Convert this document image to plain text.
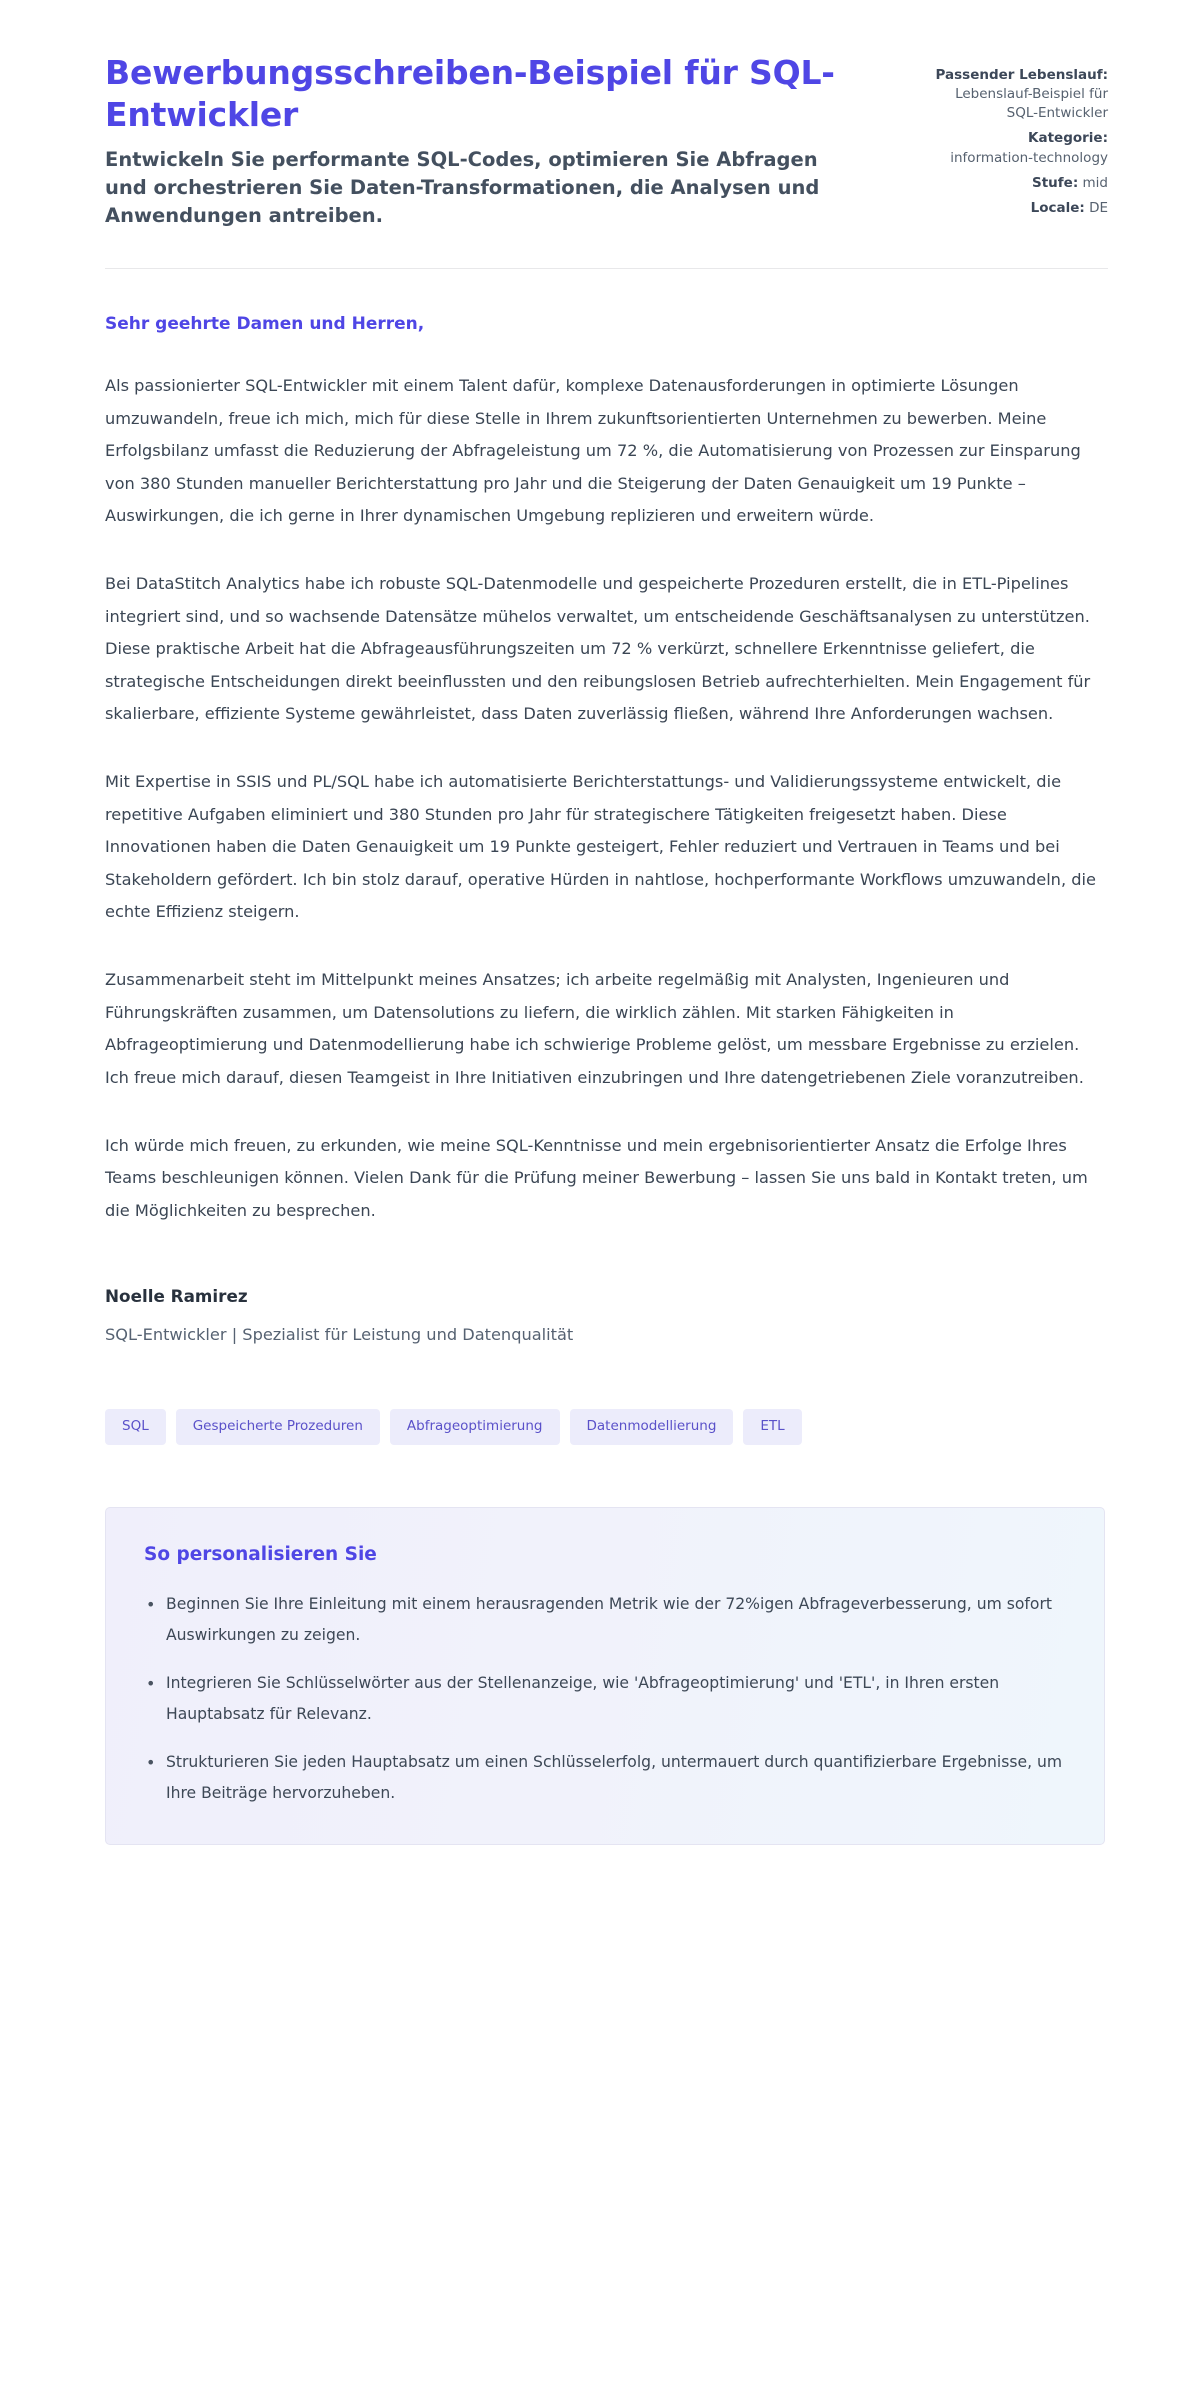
Bewerbungsschreiben-Beispiel für SQL-Entwickler

Entwickeln Sie performante SQL-Codes, optimieren Sie Abfragen und orchestrieren Sie Daten-Transformationen, die Analysen und Anwendungen antreiben.

Passender Lebenslauf:
Lebenslauf-Beispiel für SQL-Entwickler
Kategorie:
information-technology
Stufe: mid
Locale: DE

Sehr geehrte Damen und Herren,

Als passionierter SQL-Entwickler mit einem Talent dafür, komplexe Datenausforderungen in optimierte Lösungen umzuwandeln, freue ich mich, mich für diese Stelle in Ihrem zukunftsorientierten Unternehmen zu bewerben. Meine Erfolgsbilanz umfasst die Reduzierung der Abfrageleistung um 72 %, die Automatisierung von Prozessen zur Einsparung von 380 Stunden manueller Berichterstattung pro Jahr und die Steigerung der Daten Genauigkeit um 19 Punkte – Auswirkungen, die ich gerne in Ihrer dynamischen Umgebung replizieren und erweitern würde.

Bei DataStitch Analytics habe ich robuste SQL-Datenmodelle und gespeicherte Prozeduren erstellt, die in ETL-Pipelines integriert sind, und so wachsende Datensätze mühelos verwaltet, um entscheidende Geschäftsanalysen zu unterstützen. Diese praktische Arbeit hat die Abfrageausführungszeiten um 72 % verkürzt, schnellere Erkenntnisse geliefert, die strategische Entscheidungen direkt beeinflussten und den reibungslosen Betrieb aufrechterhielten. Mein Engagement für skalierbare, effiziente Systeme gewährleistet, dass Daten zuverlässig fließen, während Ihre Anforderungen wachsen.

Mit Expertise in SSIS und PL/SQL habe ich automatisierte Berichterstattungs- und Validierungssysteme entwickelt, die repetitive Aufgaben eliminiert und 380 Stunden pro Jahr für strategischere Tätigkeiten freigesetzt haben. Diese Innovationen haben die Daten Genauigkeit um 19 Punkte gesteigert, Fehler reduziert und Vertrauen in Teams und bei Stakeholdern gefördert. Ich bin stolz darauf, operative Hürden in nahtlose, hochperformante Workflows umzuwandeln, die echte Effizienz steigern.

Zusammenarbeit steht im Mittelpunkt meines Ansatzes; ich arbeite regelmäßig mit Analysten, Ingenieuren und Führungskräften zusammen, um Datensolutions zu liefern, die wirklich zählen. Mit starken Fähigkeiten in Abfrageoptimierung und Datenmodellierung habe ich schwierige Probleme gelöst, um messbare Ergebnisse zu erzielen. Ich freue mich darauf, diesen Teamgeist in Ihre Initiativen einzubringen und Ihre datengetriebenen Ziele voranzutreiben.

Ich würde mich freuen, zu erkunden, wie meine SQL-Kenntnisse und mein ergebnisorientierter Ansatz die Erfolge Ihres Teams beschleunigen können. Vielen Dank für die Prüfung meiner Bewerbung – lassen Sie uns bald in Kontakt treten, um die Möglichkeiten zu besprechen.

Noelle Ramirez
SQL-Entwickler | Spezialist für Leistung und Datenqualität
SQL	Gespeicherte Prozeduren	Abfrageoptimierung	Datenmodellierung	ETL
So personalisieren Sie
• Beginnen Sie Ihre Einleitung mit einem herausragenden Metrik wie der 72%igen Abfrageverbesserung, um sofort Auswirkungen zu zeigen.
• Integrieren Sie Schlüsselwörter aus der Stellenanzeige, wie 'Abfrageoptimierung' und 'ETL', in Ihren ersten Hauptabsatz für Relevanz.
• Strukturieren Sie jeden Hauptabsatz um einen Schlüsselerfolg, untermauert durch quantifizierbare Ergebnisse, um Ihre Beiträge hervorzuheben.
